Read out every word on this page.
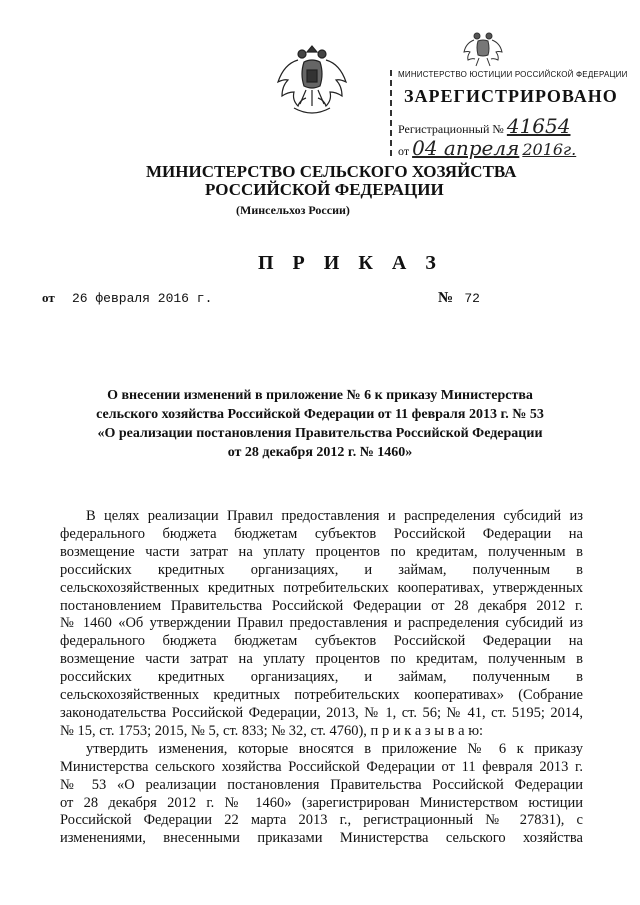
МИНИСТЕРСТВО ЮСТИЦИИ РОССИЙСКОЙ ФЕДЕРАЦИИ
ЗАРЕГИСТРИРОВАНО
Регистрационный № 41654
от 04 апреля 2016г.
МИНИСТЕРСТВО СЕЛЬСКОГО ХОЗЯЙСТВА
РОССИЙСКОЙ ФЕДЕРАЦИИ
(Минсельхоз России)
П Р И К А З
от 26 февраля 2016 г.	№ 72
О внесении изменений в приложение № 6 к приказу Министерства
сельского хозяйства Российской Федерации от 11 февраля 2013 г. № 53
«О реализации постановления Правительства Российской Федерации
от 28 декабря 2012 г. № 1460»
В целях реализации Правил предоставления и распределения субсидий из
федерального бюджета бюджетам субъектов Российской Федерации на
возмещение части затрат на уплату процентов по кредитам, полученным в
российских кредитных организациях, и займам, полученным в
сельскохозяйственных кредитных потребительских кооперативах, утвержденных
постановлением Правительства Российской Федерации от 28 декабря 2012 г.
№ 1460 «Об утверждении Правил предоставления и распределения субсидий из
федерального бюджета бюджетам субъектов Российской Федерации на
возмещение части затрат на уплату процентов по кредитам, полученным в
российских кредитных организациях, и займам, полученным в
сельскохозяйственных кредитных потребительских кооперативах» (Собрание
законодательства Российской Федерации, 2013, № 1, ст. 56; № 41, ст. 5195; 2014,
№ 15, ст. 1753; 2015, № 5, ст. 833; № 32, ст. 4760), п р и к а з ы в а ю:
утвердить изменения, которые вносятся в приложение № 6 к приказу
Министерства сельского хозяйства Российской Федерации от 11 февраля 2013 г.
№ 53 «О реализации постановления Правительства Российской Федерации
от 28 декабря 2012 г. № 1460» (зарегистрирован Министерством юстиции
Российской Федерации 22 марта 2013 г., регистрационный № 27831), с
изменениями, внесенными приказами Министерства сельского хозяйства
